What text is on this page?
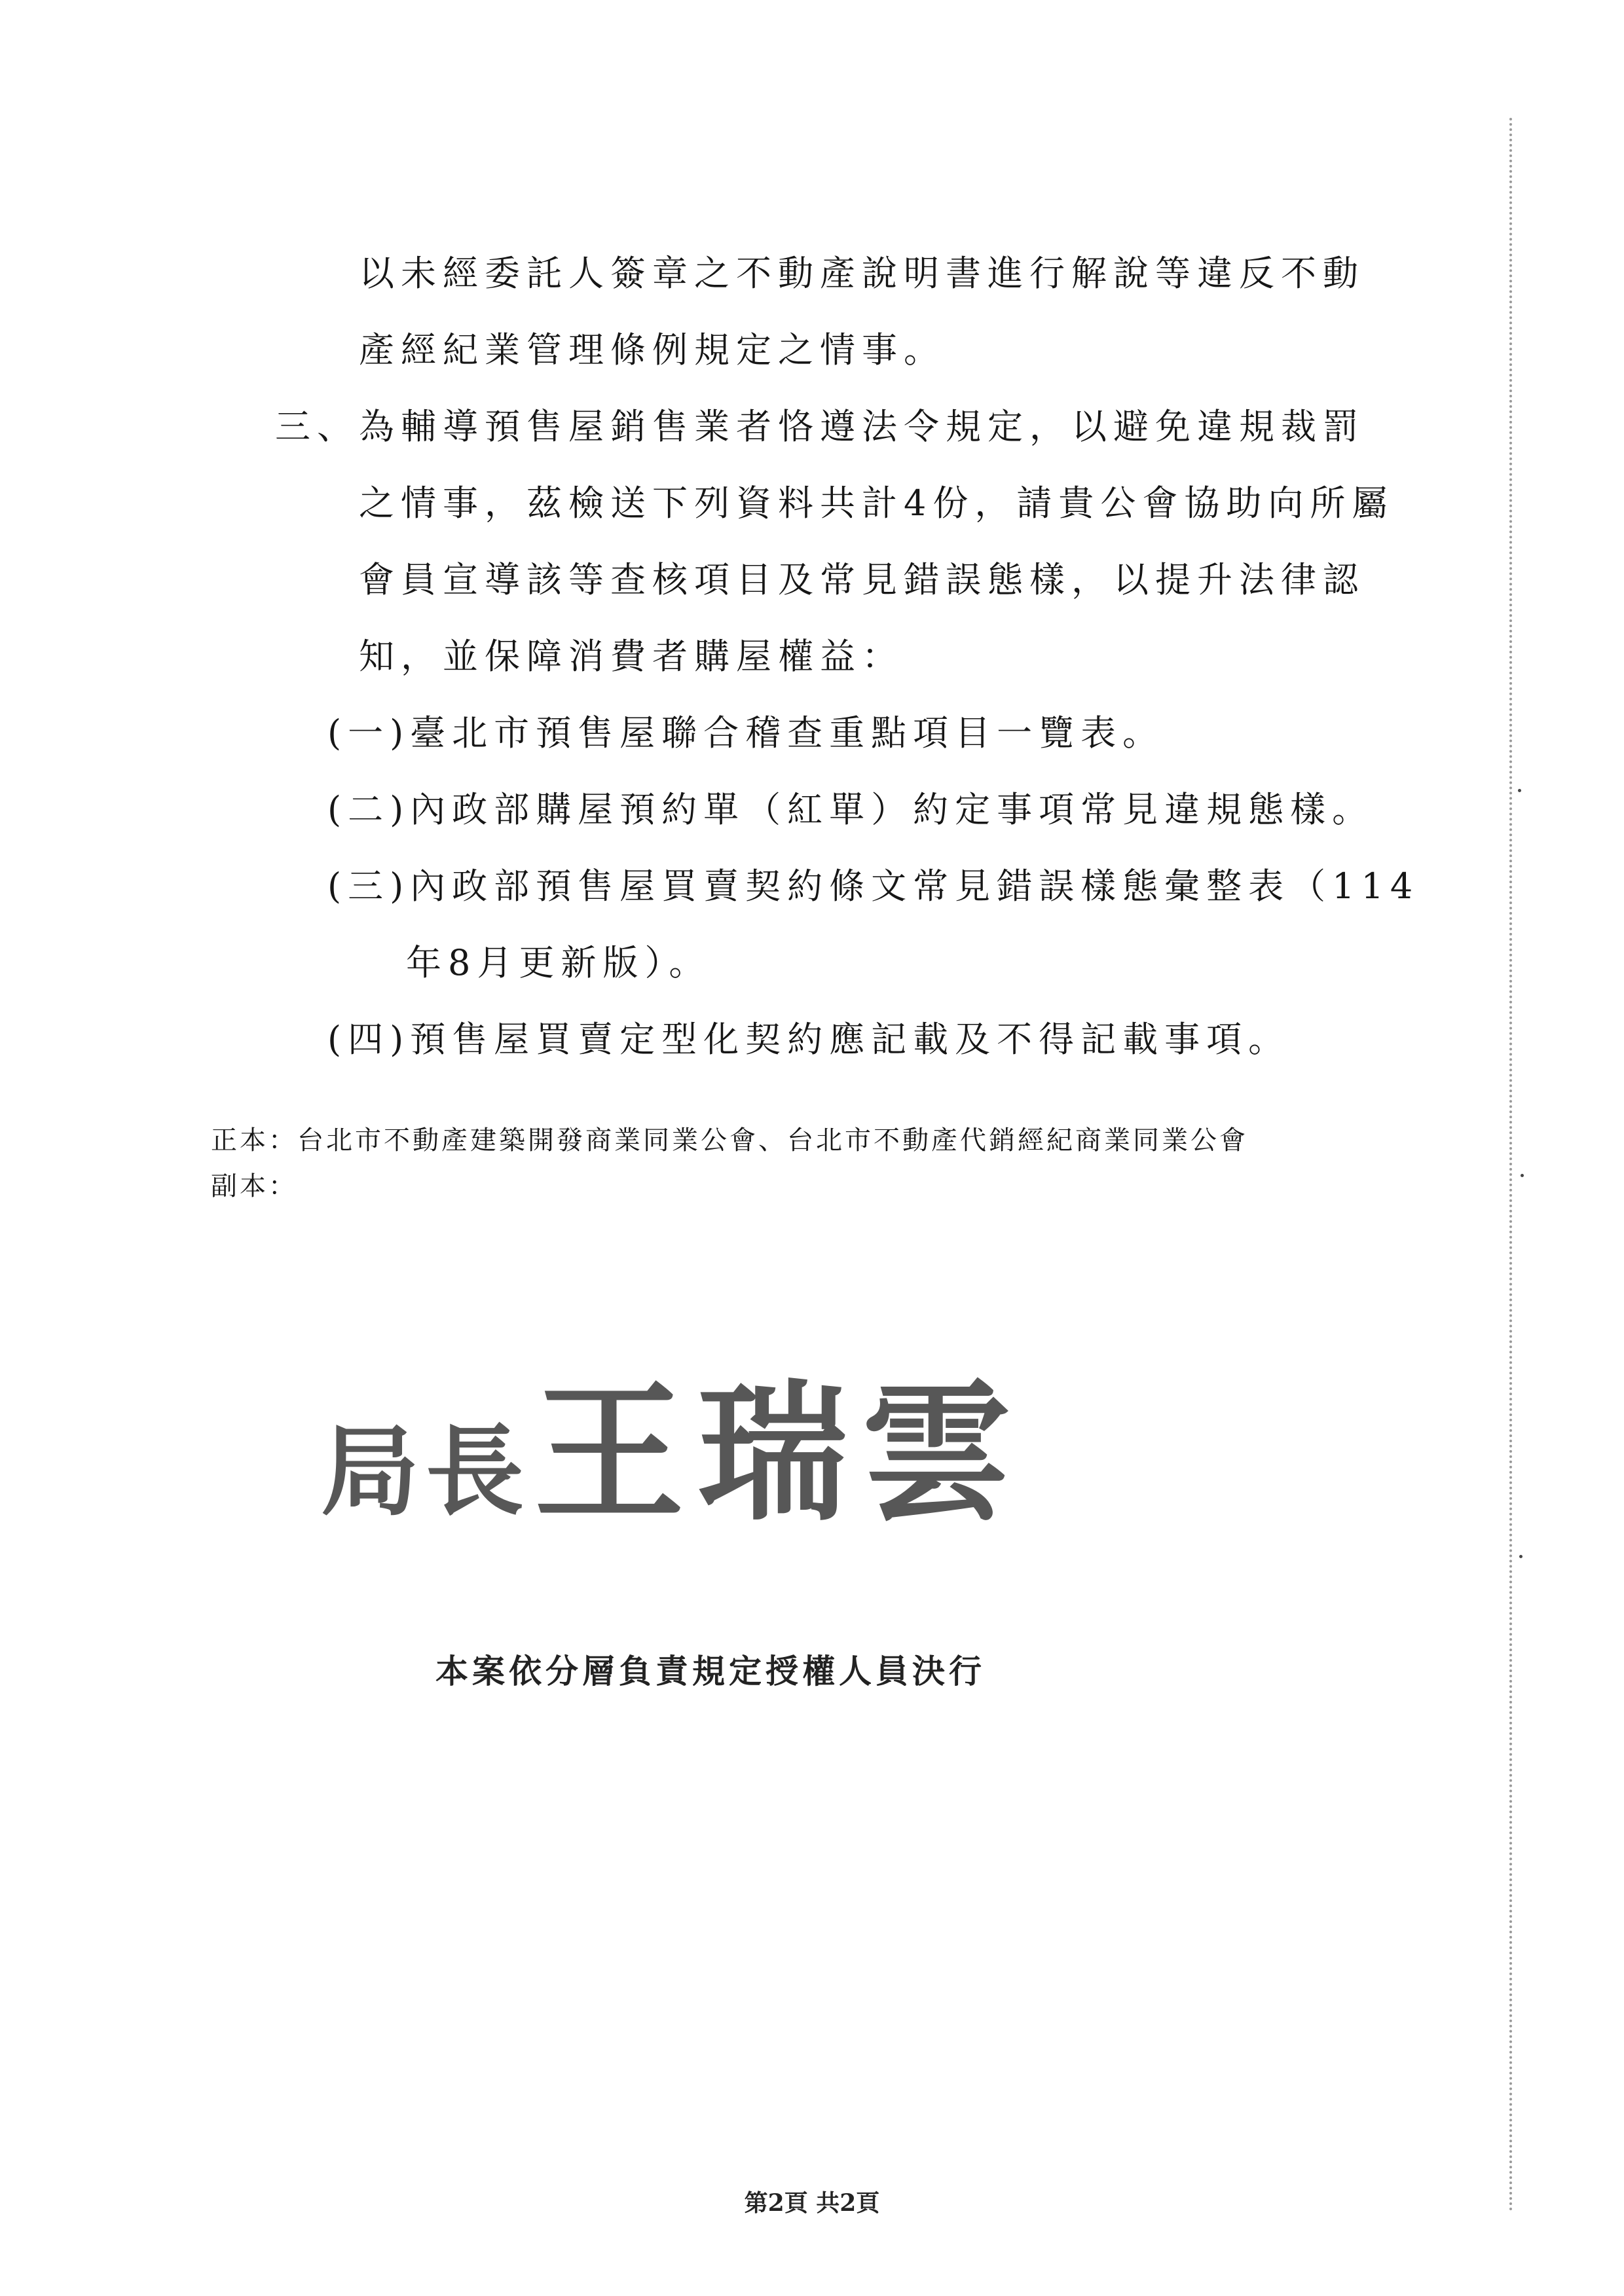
以未經委託人簽章之不動產說明書進行解說等違反不動
產經紀業管理條例規定之情事。
三、為輔導預售屋銷售業者恪遵法令規定，以避免違規裁罰
之情事，茲檢送下列資料共計4份，請貴公會協助向所屬
會員宣導該等查核項目及常見錯誤態樣，以提升法律認
知，並保障消費者購屋權益：
(一)臺北市預售屋聯合稽查重點項目一覽表。
(二)內政部購屋預約單（紅單）約定事項常見違規態樣。
(三)內政部預售屋買賣契約條文常見錯誤樣態彙整表（114
年8月更新版）。
(四)預售屋買賣定型化契約應記載及不得記載事項。
正本：台北市不動產建築開發商業同業公會、台北市不動產代銷經紀商業同業公會
副本：
局長 王瑞雲
本案依分層負責規定授權人員決行
第2頁 共2頁
